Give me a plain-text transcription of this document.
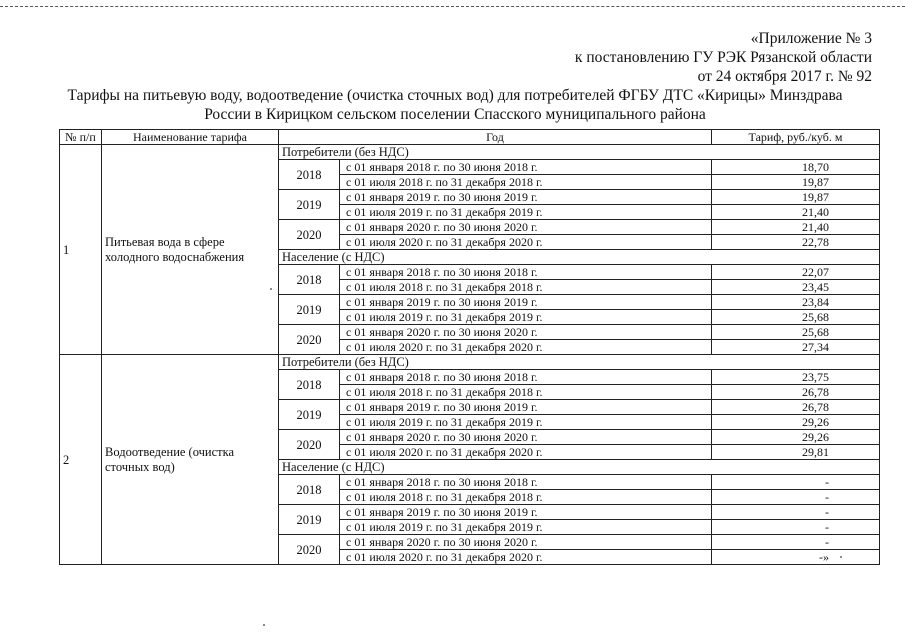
«Приложение № 3
к постановлению ГУ РЭК Рязанской области
от 24 октября 2017 г. № 92
Тарифы на питьевую воду, водоотведение (очистка сточных вод) для потребителей ФГБУ ДТС «Кирицы» Минздрава
России в Кирицком сельском поселении Спасского муниципального района
№ п/п	Наименование тарифа	Год		Тариф, руб./куб. м
1	Питьевая вода в сфере холодного водоснабжения	Потребители (без НДС)		
		2018	с 01 января 2018 г. по 30 июня 2018 г.	18,70
			с 01 июля 2018 г. по 31 декабря 2018 г.	19,87
		2019	с 01 января 2019 г. по 30 июня 2019 г.	19,87
			с 01 июля 2019 г. по 31 декабря 2019 г.	21,40
		2020	с 01 января 2020 г. по 30 июня 2020 г.	21,40
			с 01 июля 2020 г. по 31 декабря 2020 г.	22,78
		Население (с НДС)		
		2018	с 01 января 2018 г. по 30 июня 2018 г.	22,07
			с 01 июля 2018 г. по 31 декабря 2018 г.	23,45
		2019	с 01 января 2019 г. по 30 июня 2019 г.	23,84
			с 01 июля 2019 г. по 31 декабря 2019 г.	25,68
		2020	с 01 января 2020 г. по 30 июня 2020 г.	25,68
			с 01 июля 2020 г. по 31 декабря 2020 г.	27,34
2	Водоотведение (очистка сточных вод)	Потребители (без НДС)		
		2018	с 01 января 2018 г. по 30 июня 2018 г.	23,75
			с 01 июля 2018 г. по 31 декабря 2018 г.	26,78
		2019	с 01 января 2019 г. по 30 июня 2019 г.	26,78
			с 01 июля 2019 г. по 31 декабря 2019 г.	29,26
		2020	с 01 января 2020 г. по 30 июня 2020 г.	29,26
			с 01 июля 2020 г. по 31 декабря 2020 г.	29,81
		Население (с НДС)		
		2018	с 01 января 2018 г. по 30 июня 2018 г.	-
			с 01 июля 2018 г. по 31 декабря 2018 г.	-
		2019	с 01 января 2019 г. по 30 июня 2019 г.	-
			с 01 июля 2019 г. по 31 декабря 2019 г.	-
		2020	с 01 января 2020 г. по 30 июня 2020 г.	-
			с 01 июля 2020 г. по 31 декабря 2020 г.	-»
